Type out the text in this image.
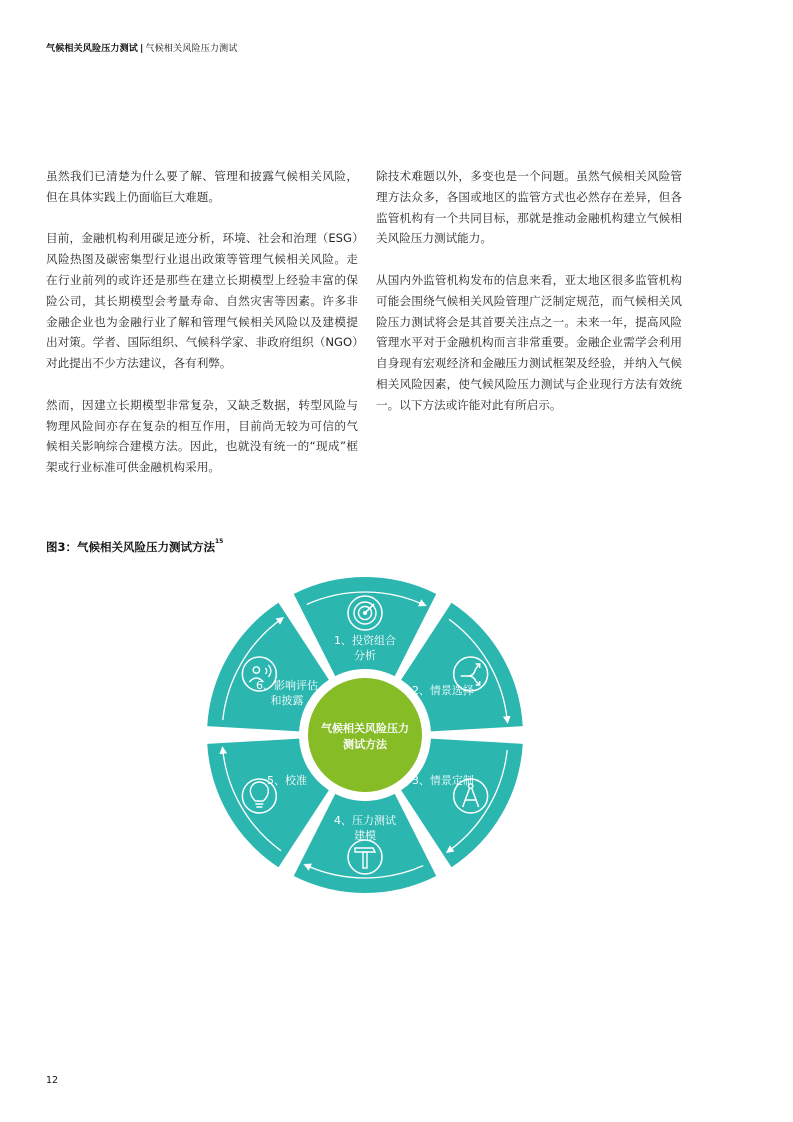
气候相关风险压力测试 | 气候相关风险压力测试

虽然我们已清楚为什么要了解、管理和披露气候相关风险，但在具体实践上仍面临巨大难题。

目前，金融机构利用碳足迹分析，环境、社会和治理（ESG）风险热图及碳密集型行业退出政策等管理气候相关风险。走在行业前列的或许还是那些在建立长期模型上经验丰富的保险公司，其长期模型会考量寿命、自然灾害等因素。许多非金融企业也为金融行业了解和管理气候相关风险以及建模提出对策。学者、国际组织、气候科学家、非政府组织（NGO）对此提出不少方法建议，各有利弊。

然而，因建立长期模型非常复杂，又缺乏数据，转型风险与物理风险间亦存在复杂的相互作用，目前尚无较为可信的气候相关影响综合建模方法。因此，也就没有统一的“现成”框架或行业标准可供金融机构采用。

除技术难题以外，多变也是一个问题。虽然气候相关风险管理方法众多，各国或地区的监管方式也必然存在差异，但各监管机构有一个共同目标，那就是推动金融机构建立气候相关风险压力测试能力。

从国内外监管机构发布的信息来看，亚太地区很多监管机构可能会围绕气候相关风险管理广泛制定规范，而气候相关风险压力测试将会是其首要关注点之一。未来一年，提高风险管理水平对于金融机构而言非常重要。金融企业需学会利用自身现有宏观经济和金融压力测试框架及经验，并纳入气候相关风险因素，使气候风险压力测试与企业现行方法有效统一。以下方法或许能对此有所启示。

图3：气候相关风险压力测试方法$^{15}$
1、投资组合
分析
2、情景选择
3、情景定制
4、压力测试
建模
5、校准
6、影响评估
和披露
气候相关风险压力
测试方法
12
